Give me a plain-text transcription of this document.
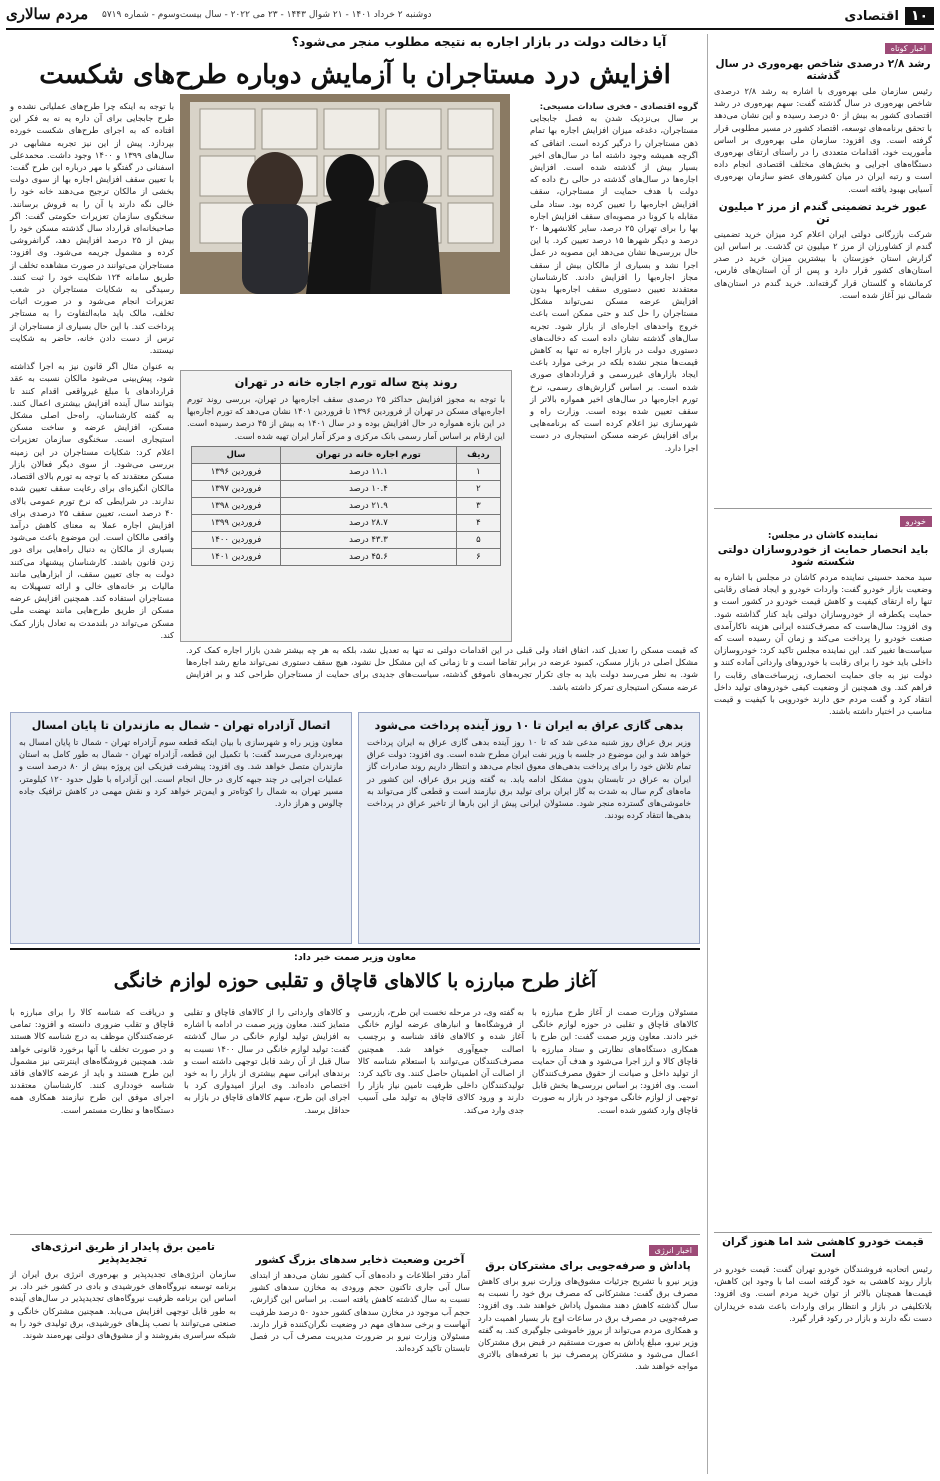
۱۰
اقتصادی
دوشنبه ۲ خرداد ۱۴۰۱ - ۲۱ شوال ۱۴۴۳ - ۲۳ می ۲۰۲۲ - سال بیست‌وسوم - شماره ۵۷۱۹
مردم سالاری
اخبار کوتاه
رشد ۲/۸ درصدی شاخص بهره‌وری در سال گذشته
رئیس سازمان ملی بهره‌وری با اشاره به رشد ۲/۸ درصدی شاخص بهره‌وری در سال گذشته گفت: سهم بهره‌وری در رشد اقتصادی کشور به بیش از ۵۰ درصد رسیده و این نشان می‌دهد با تحقق برنامه‌های توسعه، اقتصاد کشور در مسیر مطلوبی قرار گرفته است. وی افزود: سازمان ملی بهره‌وری بر اساس مأموریت خود، اقدامات متعددی را در راستای ارتقای بهره‌وری دستگاه‌های اجرایی و بخش‌های مختلف اقتصادی انجام داده است و رتبه ایران در میان کشورهای عضو سازمان بهره‌وری آسیایی بهبود یافته است.
عبور خرید تضمینی گندم از مرز ۲ میلیون تن
شرکت بازرگانی دولتی ایران اعلام کرد میزان خرید تضمینی گندم از کشاورزان از مرز ۲ میلیون تن گذشت. بر اساس این گزارش استان خوزستان با بیشترین میزان خرید در صدر استان‌های کشور قرار دارد و پس از آن استان‌های فارس، کرمانشاه و گلستان قرار گرفته‌اند. خرید گندم در استان‌های شمالی نیز آغاز شده است.
خودرو
نماینده کاشان در مجلس:
باید انحصار حمایت از خودروسازان دولتی شکسته شود
سید محمد حسینی نماینده مردم کاشان در مجلس با اشاره به وضعیت بازار خودرو گفت: واردات خودرو و ایجاد فضای رقابتی تنها راه ارتقای کیفیت و کاهش قیمت خودرو در کشور است و حمایت یکطرفه از خودروسازان دولتی باید کنار گذاشته شود. وی افزود: سال‌هاست که مصرف‌کننده ایرانی هزینه ناکارآمدی صنعت خودرو را پرداخت می‌کند و زمان آن رسیده است که سیاست‌ها تغییر کند. این نماینده مجلس تاکید کرد: خودروسازان داخلی باید خود را برای رقابت با خودروهای وارداتی آماده کنند و دولت نیز به جای حمایت انحصاری، زیرساخت‌های رقابت را فراهم کند. وی همچنین از وضعیت کیفی خودروهای تولید داخل انتقاد کرد و گفت مردم حق دارند خودرویی با کیفیت و قیمت مناسب در اختیار داشته باشند.
قیمت خودرو کاهشی شد اما هنوز گران است
رئیس اتحادیه فروشندگان خودرو تهران گفت: قیمت خودرو در بازار روند کاهشی به خود گرفته است اما با وجود این کاهش، قیمت‌ها همچنان بالاتر از توان خرید مردم است. وی افزود: بلاتکلیفی در بازار و انتظار برای واردات باعث شده خریداران دست نگه دارند و بازار در رکود قرار گیرد.
آیا دخالت دولت در بازار اجاره به نتیجه مطلوب منجر می‌شود؟
افزایش درد مستاجران با آزمایش دوباره طرح‌های شکست
گروه اقتصادی - فخری سادات مسیحی:
بر سال بی‌نزدیک شدن به فصل جابجایی مستاجران، دغدغه میزان افزایش اجاره بها تمام ذهن مستاجران را درگیر کرده است. اتفاقی که اگرچه همیشه وجود داشته اما در سال‌های اخیر بسیار بیش از گذشته شده است. افزایش اجاره‌ها در سال‌های گذشته در حالی رخ داده که دولت با هدف حمایت از مستاجران، سقف افزایش اجاره‌بها را تعیین کرده بود. ستاد ملی مقابله با کرونا در مصوبه‌ای سقف افزایش اجاره بها را برای تهران ۲۵ درصد، سایر کلانشهرها ۲۰ درصد و دیگر شهرها ۱۵ درصد تعیین کرد. با این حال بررسی‌ها نشان می‌دهد این مصوبه در عمل اجرا نشد و بسیاری از مالکان بیش از سقف مجاز اجاره‌بها را افزایش دادند. کارشناسان معتقدند تعیین دستوری سقف اجاره‌بها بدون افزایش عرضه مسکن نمی‌تواند مشکل مستاجران را حل کند و حتی ممکن است باعث خروج واحدهای اجاره‌ای از بازار شود. تجربه سال‌های گذشته نشان داده است که دخالت‌های دستوری دولت در بازار اجاره نه تنها به کاهش قیمت‌ها منجر نشده بلکه در برخی موارد باعث ایجاد بازارهای غیررسمی و قراردادهای صوری شده است. بر اساس گزارش‌های رسمی، نرخ تورم اجاره‌بها در سال‌های اخیر همواره بالاتر از سقف تعیین شده بوده است. وزارت راه و شهرسازی نیز اعلام کرده است که برنامه‌هایی برای افزایش عرضه مسکن استیجاری در دست اجرا دارد.
با توجه به اینکه چرا طرح‌های عملیاتی نشده و طرح جابجایی برای آن داره یه نه به فکر این افتاده که به اجرای طرح‌های شکست خورده بپردازد. پیش از این نیز تجربه مشابهی در سال‌های ۱۳۹۹ و ۱۴۰۰ وجود داشت. محمدعلی اسفنانی در گفتگو با مهر درباره این طرح گفت: با تعیین سقف افزایش اجاره بها از سوی دولت بخشی از مالکان ترجیح می‌دهند خانه خود را خالی نگه دارند یا آن را به فروش برسانند. سخنگوی سازمان تعزیرات حکومتی گفت: اگر صاحبخانه‌ای قرارداد سال گذشته مسکن خود را بیش از ۲۵ درصد افزایش دهد، گرانفروشی کرده و مشمول جریمه می‌شود. وی افزود: مستاجران می‌توانند در صورت مشاهده تخلف از طریق سامانه ۱۲۴ شکایت خود را ثبت کنند. رسیدگی به شکایات مستاجران در شعب تعزیرات انجام می‌شود و در صورت اثبات تخلف، مالک باید مابه‌التفاوت را به مستاجر پرداخت کند. با این حال بسیاری از مستاجران از ترس از دست دادن خانه، حاضر به شکایت نیستند.
به عنوان مثال اگر قانون نیز به اجرا گذاشته شود، پیش‌بینی می‌شود مالکان نسبت به عقد قراردادهای با مبلغ غیرواقعی اقدام کنند تا بتوانند سال آینده افزایش بیشتری اعمال کنند. به گفته کارشناسان، راه‌حل اصلی مشکل مسکن، افزایش عرضه و ساخت مسکن استیجاری است. سخنگوی سازمان تعزیرات اعلام کرد: شکایات مستاجران در این زمینه بررسی می‌شود. از سوی دیگر فعالان بازار مسکن معتقدند که با توجه به تورم بالای اقتصاد، مالکان انگیزه‌ای برای رعایت سقف تعیین شده ندارند. در شرایطی که نرخ تورم عمومی بالای ۴۰ درصد است، تعیین سقف ۲۵ درصدی برای افزایش اجاره عملا به معنای کاهش درآمد واقعی مالکان است. این موضوع باعث می‌شود بسیاری از مالکان به دنبال راه‌هایی برای دور زدن قانون باشند. کارشناسان پیشنهاد می‌کنند دولت به جای تعیین سقف، از ابزارهایی مانند مالیات بر خانه‌های خالی و ارائه تسهیلات به مستاجران استفاده کند. همچنین افزایش عرضه مسکن از طریق طرح‌هایی مانند نهضت ملی مسکن می‌تواند در بلندمدت به تعادل بازار کمک کند.
روند پنج ساله تورم اجاره خانه در تهران
با توجه به مجوز افزایش حداکثر ۲۵ درصدی سقف اجاره‌بها در تهران، بررسی روند تورم اجاره‌بهای مسکن در تهران از فروردین ۱۳۹۶ تا فروردین ۱۴۰۱ نشان می‌دهد که تورم اجاره‌بها در این بازه همواره در حال افزایش بوده و در سال ۱۴۰۱ به بیش از ۴۵ درصد رسیده است. این ارقام بر اساس آمار رسمی بانک مرکزی و مرکز آمار ایران تهیه شده است.
ردیف	تورم اجاره خانه در تهران	سال
۱	۱۱.۱ درصد	فروردین ۱۳۹۶
۲	۱۰.۴ درصد	فروردین ۱۳۹۷
۳	۲۱.۹ درصد	فروردین ۱۳۹۸
۴	۲۸.۷ درصد	فروردین ۱۳۹۹
۵	۴۳.۳ درصد	فروردین ۱۴۰۰
۶	۴۵.۶ درصد	فروردین ۱۴۰۱
که قیمت مسکن را تعدیل کند، اتفاق افتاد ولی قبلی در این اقدامات دولتی نه تنها به تعدیل نشد، بلکه به هر چه بیشتر شدن بازار اجاره کمک کرد. مشکل اصلی در بازار مسکن، کمبود عرضه در برابر تقاضا است و تا زمانی که این مشکل حل نشود، هیچ سقف دستوری نمی‌تواند مانع رشد اجاره‌ها شود. به نظر می‌رسد دولت باید به جای تکرار تجربه‌های ناموفق گذشته، سیاست‌های جدیدی برای حمایت از مستاجران طراحی کند و بر افزایش عرضه مسکن استیجاری تمرکز داشته باشد.
بدهی گازی عراق به ایران تا ۱۰ روز آینده پرداخت می‌شود
وزیر برق عراق روز شنبه مدعی شد که تا ۱۰ روز آینده بدهی گازی عراق به ایران پرداخت خواهد شد و این موضوع در جلسه با وزیر نفت ایران مطرح شده است. وی افزود: دولت عراق تمام تلاش خود را برای پرداخت بدهی‌های معوق انجام می‌دهد و انتظار داریم روند صادرات گاز ایران به عراق در تابستان بدون مشکل ادامه یابد. به گفته وزیر برق عراق، این کشور در ماه‌های گرم سال به شدت به گاز ایران برای تولید برق نیازمند است و قطعی گاز می‌تواند به خاموشی‌های گسترده منجر شود. مسئولان ایرانی پیش از این بارها از تاخیر عراق در پرداخت بدهی‌ها انتقاد کرده بودند.
اتصال آزادراه تهران - شمال به مازندران تا پایان امسال
معاون وزیر راه و شهرسازی با بیان اینکه قطعه سوم آزادراه تهران - شمال تا پایان امسال به بهره‌برداری می‌رسد گفت: با تکمیل این قطعه، آزادراه تهران - شمال به طور کامل به استان مازندران متصل خواهد شد. وی افزود: پیشرفت فیزیکی این پروژه بیش از ۸۰ درصد است و عملیات اجرایی در چند جبهه کاری در حال انجام است. این آزادراه با طول حدود ۱۲۰ کیلومتر، مسیر تهران به شمال را کوتاه‌تر و ایمن‌تر خواهد کرد و نقش مهمی در کاهش ترافیک جاده چالوس و هراز دارد.
معاون وزیر صمت خبر داد:
آغاز طرح مبارزه با کالاهای قاچاق و تقلبی حوزه لوازم خانگی
مسئولان وزارت صمت از آغاز طرح مبارزه با کالاهای قاچاق و تقلبی در حوزه لوازم خانگی خبر دادند. معاون وزیر صمت گفت: این طرح با همکاری دستگاه‌های نظارتی و ستاد مبارزه با قاچاق کالا و ارز اجرا می‌شود و هدف آن حمایت از تولید داخل و صیانت از حقوق مصرف‌کنندگان است. وی افزود: بر اساس بررسی‌ها بخش قابل توجهی از لوازم خانگی موجود در بازار به صورت قاچاق وارد کشور شده است.
به گفته وی، در مرحله نخست این طرح، بازرسی از فروشگاه‌ها و انبارهای عرضه لوازم خانگی آغاز شده و کالاهای فاقد شناسه و برچسب اصالت جمع‌آوری خواهد شد. همچنین مصرف‌کنندگان می‌توانند با استعلام شناسه کالا از اصالت آن اطمینان حاصل کنند. وی تاکید کرد: تولیدکنندگان داخلی ظرفیت تامین نیاز بازار را دارند و ورود کالای قاچاق به تولید ملی آسیب جدی وارد می‌کند.
و کالاهای وارداتی را از کالاهای قاچاق و تقلبی متمایز کنند. معاون وزیر صمت در ادامه با اشاره به افزایش تولید لوازم خانگی در سال گذشته گفت: تولید لوازم خانگی در سال ۱۴۰۰ نسبت به سال قبل از آن رشد قابل توجهی داشته است و برندهای ایرانی سهم بیشتری از بازار را به خود اختصاص داده‌اند. وی ابراز امیدواری کرد با اجرای این طرح، سهم کالاهای قاچاق در بازار به حداقل برسد.
و دریافت که شناسه کالا را برای مبارزه با قاچاق و تقلب ضروری دانسته و افزود: تمامی عرضه‌کنندگان موظف به درج شناسه کالا هستند و در صورت تخلف با آنها برخورد قانونی خواهد شد. همچنین فروشگاه‌های اینترنتی نیز مشمول این طرح هستند و باید از عرضه کالاهای فاقد شناسه خودداری کنند. کارشناسان معتقدند اجرای موفق این طرح نیازمند همکاری همه دستگاه‌ها و نظارت مستمر است.
اخبار انرژی
پاداش و صرفه‌جویی برای مشترکان برق
وزیر نیرو با تشریح جزئیات مشوق‌های وزارت نیرو برای کاهش مصرف برق گفت: مشترکانی که مصرف برق خود را نسبت به سال گذشته کاهش دهند مشمول پاداش خواهند شد. وی افزود: صرفه‌جویی در مصرف برق در ساعات اوج بار بسیار اهمیت دارد و همکاری مردم می‌تواند از بروز خاموشی جلوگیری کند. به گفته وزیر نیرو، مبلغ پاداش به صورت مستقیم در قبض برق مشترکان اعمال می‌شود و مشترکان پرمصرف نیز با تعرفه‌های بالاتری مواجه خواهند شد.
آخرین وضعیت ذخایر سدهای بزرگ کشور
آمار دفتر اطلاعات و داده‌های آب کشور نشان می‌دهد از ابتدای سال آبی جاری تاکنون حجم ورودی به مخازن سدهای کشور نسبت به سال گذشته کاهش یافته است. بر اساس این گزارش، حجم آب موجود در مخازن سدهای کشور حدود ۵۰ درصد ظرفیت آنهاست و برخی سدهای مهم در وضعیت نگران‌کننده قرار دارند. مسئولان وزارت نیرو بر ضرورت مدیریت مصرف آب در فصل تابستان تاکید کرده‌اند.
تامین برق پایدار از طریق انرژی‌های تجدیدپذیر
سازمان انرژی‌های تجدیدپذیر و بهره‌وری انرژی برق ایران از برنامه توسعه نیروگاه‌های خورشیدی و بادی در کشور خبر داد. بر اساس این برنامه ظرفیت نیروگاه‌های تجدیدپذیر در سال‌های آینده به طور قابل توجهی افزایش می‌یابد. همچنین مشترکان خانگی و صنعتی می‌توانند با نصب پنل‌های خورشیدی، برق تولیدی خود را به شبکه سراسری بفروشند و از مشوق‌های دولتی بهره‌مند شوند.
